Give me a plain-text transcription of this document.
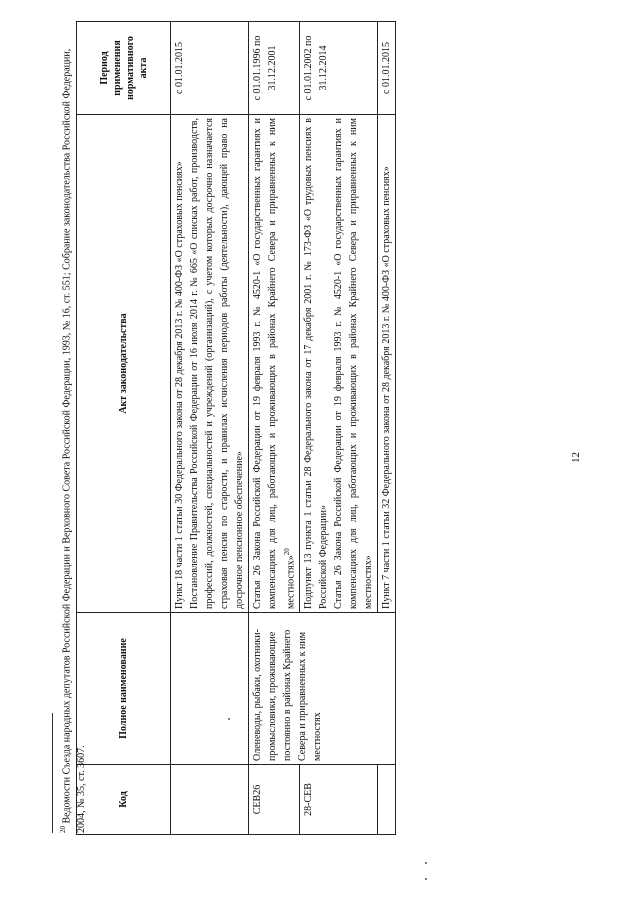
12
Код	Полное наименование	Акт законодательства	Период применения нормативного акта

		Пункт 18 части 1 статьи 30 Федерального закона от 28 декабря 2013 г. № 400-ФЗ «О страховых пенсиях» Постановление Правительства Российской Федерации от 16 июля 2014 г. № 665 «О списках работ, производств, профессий, должностей, специальностей и учреждений (организаций), с учетом которых досрочно назначается страховая пенсия по старости, и правилах исчисления периодов работы (деятельности), дающей право на досрочное пенсионное обеспечение»	с 01.01.2015
СЕВ26	Оленеводы, рыбаки, охотники-промысловики, проживающие постоянно в районах Крайнего Севера и приравненных к ним местностях	Статья 26 Закона Российской Федерации от 19 февраля 1993 г. № 4520-1 «О государственных гарантиях и компенсациях для лиц, работающих и проживающих в районах Крайнего Севера и приравненных к ним местностях»$^{20}$	с 01.01.1996 по 31.12.2001
28-СЕВ		Подпункт 13 пункта 1 статьи 28 Федерального закона от 17 декабря 2001 г. № 173-ФЗ «О трудовых пенсиях в Российской Федерации» Статья 26 Закона Российской Федерации от 19 февраля 1993 г. № 4520-1 «О государственных гарантиях и компенсациях для лиц, работающих и проживающих в районах Крайнего Севера и приравненных к ним местностях»	с 01.01.2002 по 31.12.2014

		Пункт 7 части 1 статьи 32 Федерального закона от 28 декабря 2013 г. № 400-ФЗ «О страховых пенсиях»	с 01.01.2015
$^{20}$ Ведомости Съезда народных депутатов Российской Федерации и Верховного Совета Российской Федерации, 1993, № 16, ст. 551; Собрание законодательства Российской Федерации, 2004, № 35, ст. 3607.
